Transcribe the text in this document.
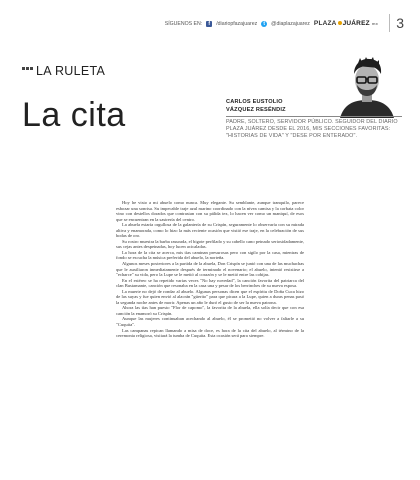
SÍGUENOS EN:	f	/diariopfazajuarez	t	@diaplazajuarez PLAZA JUÁREZ mx	3
LA RULETA
La cita	CARLOS EUSTOLIO
VÁZQUEZ RESÉNDIZ
PADRE, SOLTERO, SERVIDOR PÚBLICO. SEGUIDOR DEL DIARIO PLAZA JUÁREZ DESDE EL 2016, MIS SECCIONES FAVORITAS: "HISTORIAS DE VIDA" Y "DESE POR ENTERADO".

Hoy he visto a mi abuelo como nunca. Muy elegante. Su semblante, aunque tranquilo, parece esbozar una sonrisa. Su impecable traje azul marino coordinado con la nívea camisa y la corbata color vino con destellos dorados que contrastan con su pálida tez, lo hacen ver como un maniquí, de esos que se encuentran en la sastrería del centro.

La abuela estaría orgullosa de la galantería de su Crispín, seguramente lo observaría con su mirada altiva y enamorada, como lo hizo la más reciente ocasión que vistió ese traje, en la celebración de sus bodas de oro.

Su rostro muestra la barba rasurada, el bigote perfilado y su cabello cano peinado seriosidadamente, sus cejas antes despeinadas, hoy lucen acicaladas.

La hora de la cita se acerca, mis tías caminan presurosas pero con sigilo por la casa, mientras de fondo se escucha la música preferida del abuelo, la norteña.

Algunos meses posteriores a la partida de la abuela, Don Crispín se juntó con una de las muchachas que le auxiliaron inmediatamente después de terminado el novenario; el abuelo, intentó resistirse a "echarce" su vida, pero la Lupe se le metió al corazón y se le metió entre las cobijas.

En el estéreo se ha repetido varias veces "No hay novedad", la canción favorita del patriarca del clan Bustamante, canción que resonaba en la casa una y pesar de los berrinches de su nueva esposa.

La muerte no dejó de rondar al abuelo. Algunas personas dicen que el espíritu de Doña Cuca hizo de las suyas y fue quien envió al alacrán "güerito" para que picara a la Lupe, quien a duras penas pasó la segunda noche antes de morir. Apenas un año le duró el gusto de ser la nueva patrona.

Ahora las tías han puesto "Flor de capomo", la favorita de la abuela, ella solía decir que con esa canción la enamoró su Crispín.

Aunque las mujeres continuaban acechando al abuelo, él se prometió no volver a faltarle a su "Cuquita".

Las campanas repican llamando a misa de doce, es hora de la cita del abuelo, al término de la ceremonia religiosa, visitará la tumba de Cuquita. Esta ocasión será para siempre.
